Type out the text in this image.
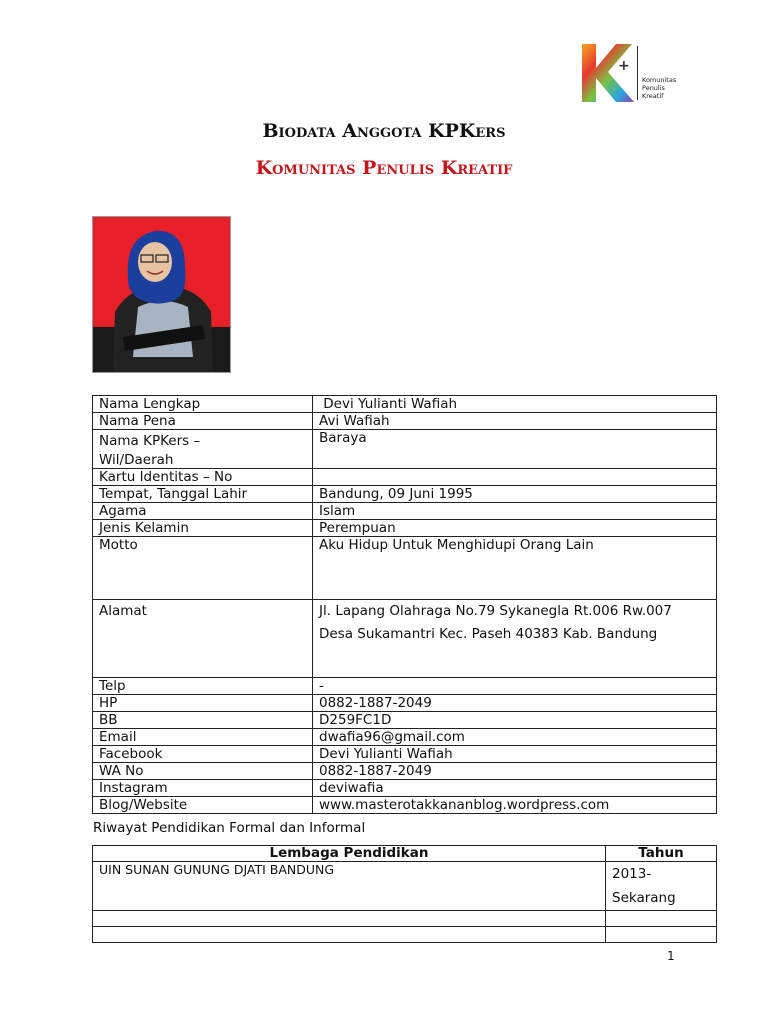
+
Komunitas
Penulis
Kreatif
Biodata Anggota KPKers
Komunitas Penulis Kreatif
Nama Lengkap	Devi Yulianti Wafiah
Nama Pena	Avi Wafiah

Nama KPKers –
Wil/Daerah	Baraya
Kartu Identitas – No	
Tempat, Tanggal Lahir	Bandung, 09 Juni 1995
Agama	Islam
Jenis Kelamin	Perempuan
Motto	Aku Hidup Untuk Menghidupi Orang Lain
Alamat	Jl. Lapang Olahraga No.79 Sykanegla Rt.006 Rw.007
Desa Sukamantri Kec. Paseh 40383 Kab. Bandung

Telp	-
HP	0882-1887-2049
BB	D259FC1D
Email	dwafia96@gmail.com
Facebook	Devi Yulianti Wafiah
WA No	0882-1887-2049
Instagram	deviwafia
Blog/Website	www.masterotakkananblog.wordpress.com
Riwayat Pendidikan Formal dan Informal
Lembaga Pendidikan	Tahun
UIN SUNAN GUNUNG DJATI BANDUNG	2013-
Sekarang

1
